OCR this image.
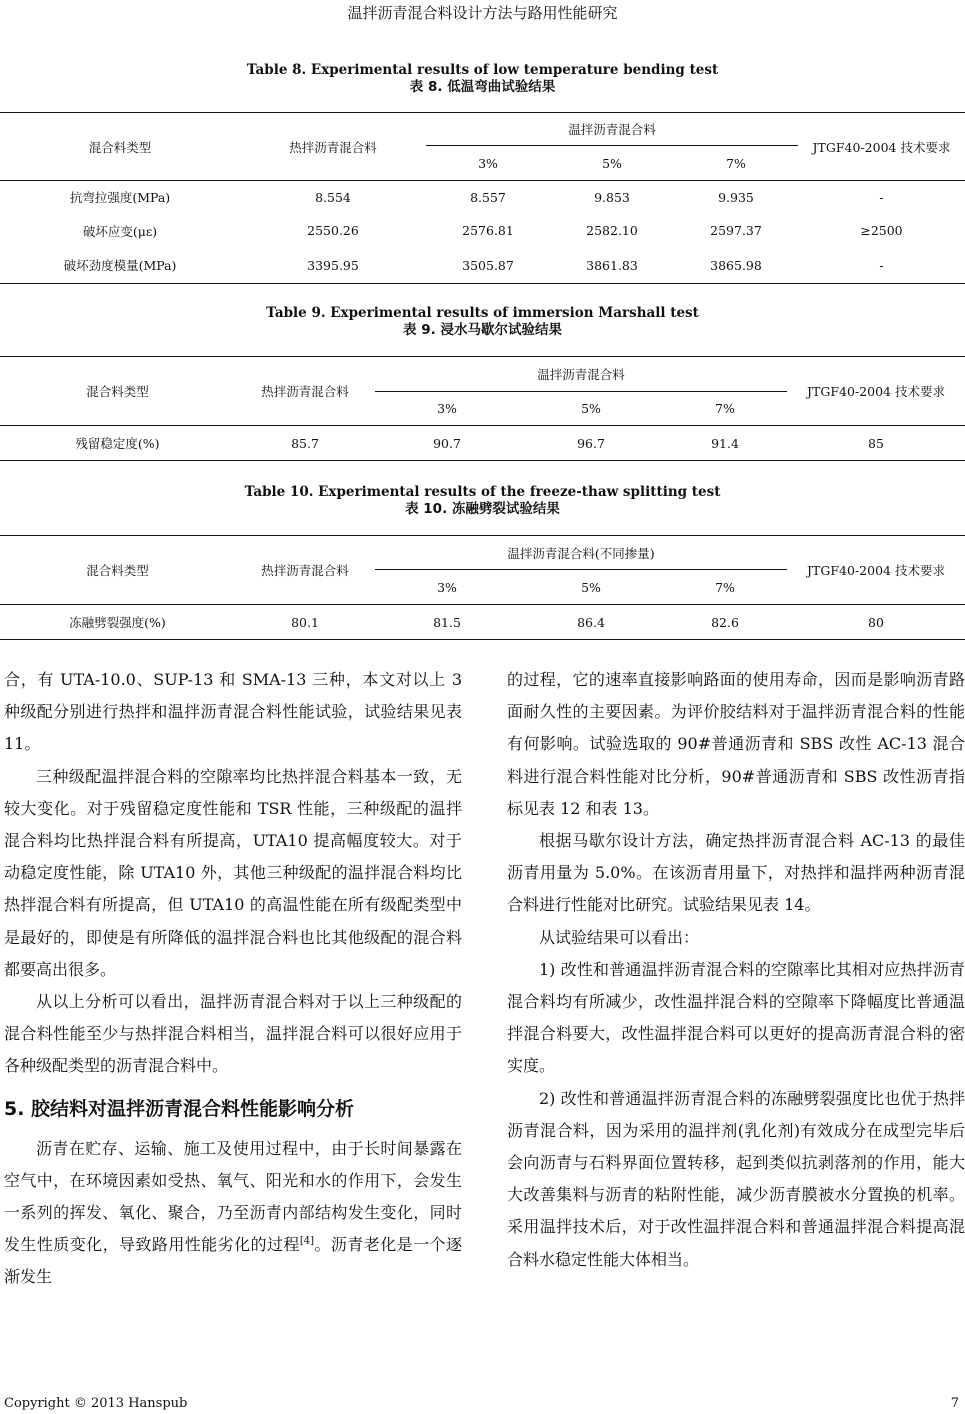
温拌沥青混合料设计方法与路用性能研究
Table 8. Experimental results of low temperature bending test
表 8. 低温弯曲试验结果
混合料类型	热拌沥青混合料	温拌沥青混合料			JTGF40-2004 技术要求
		3%	5%	7%	
抗弯拉强度(MPa)	8.554	8.557	9.853	9.935	-
破坏应变(με)	2550.26	2576.81	2582.10	2597.37	≥2500
破坏劲度模量(MPa)	3395.95	3505.87	3861.83	3865.98	-
Table 9. Experimental results of immersion Marshall test
表 9. 浸水马歇尔试验结果
混合料类型	热拌沥青混合料	温拌沥青混合料			JTGF40-2004 技术要求
		3%	5%	7%	
残留稳定度(%)	85.7	90.7	96.7	91.4	85
Table 10. Experimental results of the freeze-thaw splitting test
表 10. 冻融劈裂试验结果
混合料类型	热拌沥青混合料	温拌沥青混合料(不同掺量)			JTGF40-2004 技术要求
		3%	5%	7%	
冻融劈裂强度(%)	80.1	81.5	86.4	82.6	80

合，有 UTA-10.0、SUP-13 和 SMA-13 三种，本文对以上 3 种级配分别进行热拌和温拌沥青混合料性能试验，试验结果见表 11。

三种级配温拌混合料的空隙率均比热拌混合料基本一致，无较大变化。对于残留稳定度性能和 TSR 性能，三种级配的温拌混合料均比热拌混合料有所提高，UTA10 提高幅度较大。对于动稳定度性能，除 UTA10 外，其他三种级配的温拌混合料均比热拌混合料有所提高，但 UTA10 的高温性能在所有级配类型中是最好的，即使是有所降低的温拌混合料也比其他级配的混合料都要高出很多。

从以上分析可以看出，温拌沥青混合料对于以上三种级配的混合料性能至少与热拌混合料相当，温拌混合料可以很好应用于各种级配类型的沥青混合料中。

5. 胶结料对温拌沥青混合料性能影响分析

沥青在贮存、运输、施工及使用过程中，由于长时间暴露在空气中，在环境因素如受热、氧气、阳光和水的作用下，会发生一系列的挥发、氧化、聚合，乃至沥青内部结构发生变化，同时发生性质变化，导致路用性能劣化的过程[4]。沥青老化是一个逐渐发生

的过程，它的速率直接影响路面的使用寿命，因而是影响沥青路面耐久性的主要因素。为评价胶结料对于温拌沥青混合料的性能有何影响。试验选取的 90#普通沥青和 SBS 改性 AC-13 混合料进行混合料性能对比分析，90#普通沥青和 SBS 改性沥青指标见表 12 和表 13。

根据马歇尔设计方法，确定热拌沥青混合料 AC-13 的最佳沥青用量为 5.0%。在该沥青用量下，对热拌和温拌两种沥青混合料进行性能对比研究。试验结果见表 14。

从试验结果可以看出：

1) 改性和普通温拌沥青混合料的空隙率比其相对应热拌沥青混合料均有所减少，改性温拌混合料的空隙率下降幅度比普通温拌混合料要大，改性温拌混合料可以更好的提高沥青混合料的密实度。

2) 改性和普通温拌沥青混合料的冻融劈裂强度比也优于热拌沥青混合料，因为采用的温拌剂(乳化剂)有效成分在成型完毕后会向沥青与石料界面位置转移，起到类似抗剥落剂的作用，能大大改善集料与沥青的粘附性能，减少沥青膜被水分置换的机率。采用温拌技术后，对于改性温拌混合料和普通温拌混合料提高混合料水稳定性能大体相当。

Copyright © 2013 Hanspub	7
